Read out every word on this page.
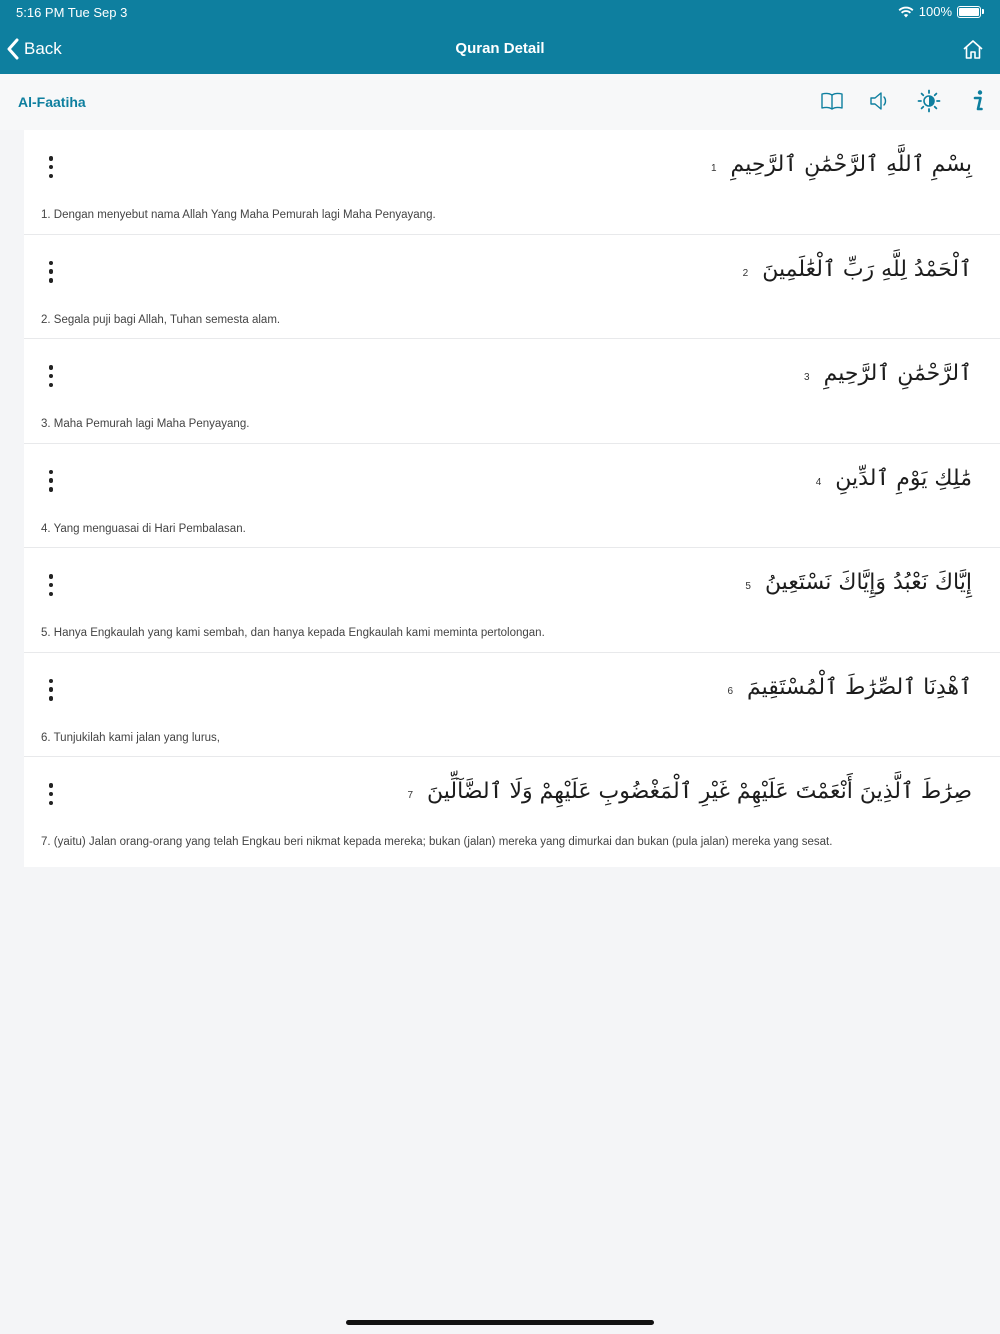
5:16 PM Tue Sep 3	100%
Back	Quran Detail
Al-Faatiha
1 بِسْمِ ٱللَّهِ ٱلرَّحْمَٰنِ ٱلرَّحِيمِ
1. Dengan menyebut nama Allah Yang Maha Pemurah lagi Maha Penyayang.
2 ٱلْحَمْدُ لِلَّهِ رَبِّ ٱلْعَٰلَمِينَ
2. Segala puji bagi Allah, Tuhan semesta alam.
3 ٱلرَّحْمَٰنِ ٱلرَّحِيمِ
3. Maha Pemurah lagi Maha Penyayang.
4 مَٰلِكِ يَوْمِ ٱلدِّينِ
4. Yang menguasai di Hari Pembalasan.
5 إِيَّاكَ نَعْبُدُ وَإِيَّاكَ نَسْتَعِينُ
5. Hanya Engkaulah yang kami sembah, dan hanya kepada Engkaulah kami meminta pertolongan.
6 ٱهْدِنَا ٱلصِّرَٰطَ ٱلْمُسْتَقِيمَ
6. Tunjukilah kami jalan yang lurus,
7 صِرَٰطَ ٱلَّذِينَ أَنْعَمْتَ عَلَيْهِمْ غَيْرِ ٱلْمَغْضُوبِ عَلَيْهِمْ وَلَا ٱلضَّآلِّينَ
7. (yaitu) Jalan orang-orang yang telah Engkau beri nikmat kepada mereka; bukan (jalan) mereka yang dimurkai dan bukan (pula jalan) mereka yang sesat.
